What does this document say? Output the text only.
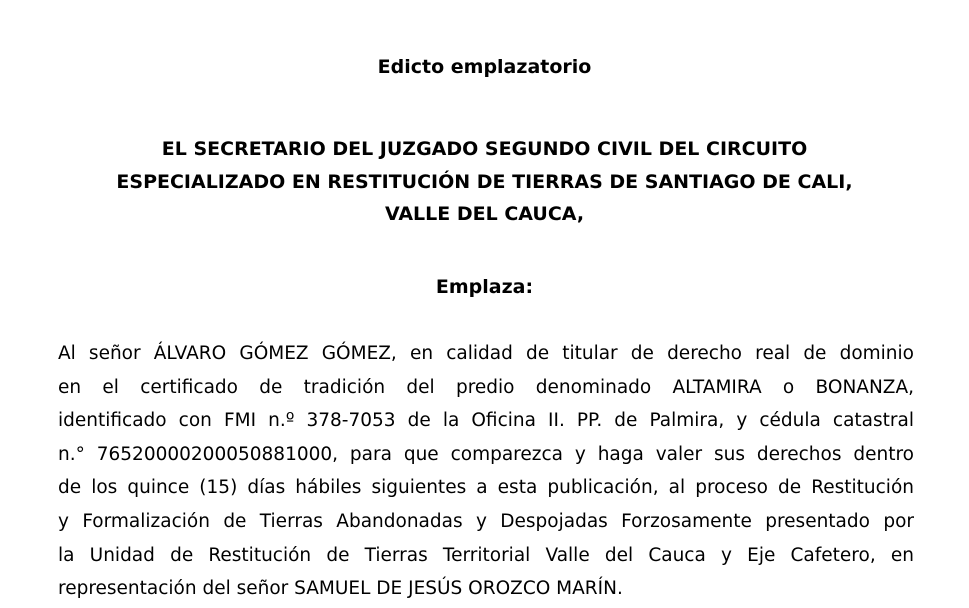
Edicto emplazatorio

EL SECRETARIO DEL JUZGADO SEGUNDO CIVIL DEL CIRCUITO
ESPECIALIZADO EN RESTITUCIÓN DE TIERRAS DE SANTIAGO DE CALI,
VALLE DEL CAUCA,

Emplaza:

Al señor ÁLVARO GÓMEZ GÓMEZ, en calidad de titular de derecho real de dominio
en el certificado de tradición del predio denominado ALTAMIRA o BONANZA,
identificado con FMI n.º 378-7053 de la Oficina II. PP. de Palmira, y cédula catastral
n.° 76520000200050881000, para que comparezca y haga valer sus derechos dentro
de los quince (15) días hábiles siguientes a esta publicación, al proceso de Restitución
y Formalización de Tierras Abandonadas y Despojadas Forzosamente presentado por
la Unidad de Restitución de Tierras Territorial Valle del Cauca y Eje Cafetero, en
representación del señor SAMUEL DE JESÚS OROZCO MARÍN.
